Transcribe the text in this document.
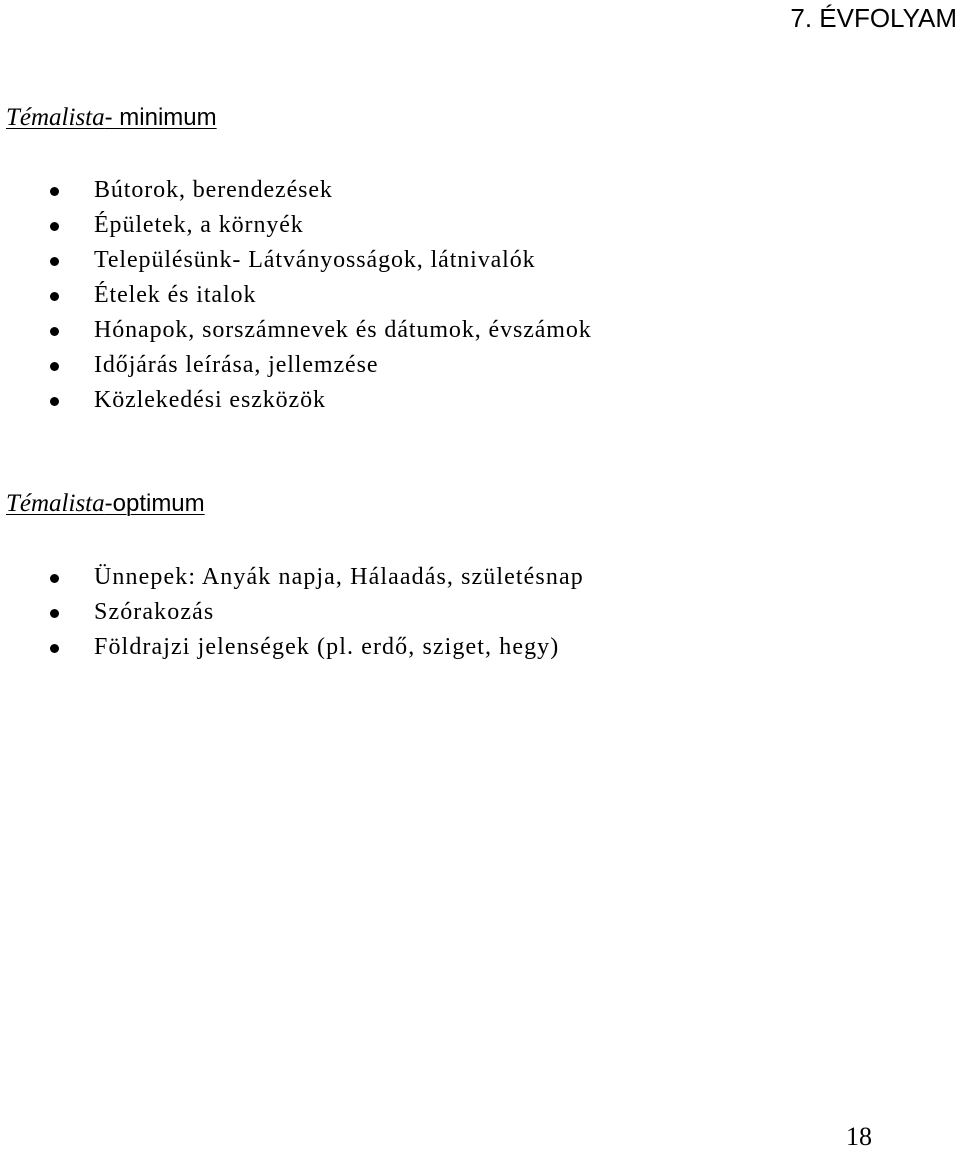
7. ÉVFOLYAM
Témalista- minimum
Bútorok, berendezések
Épületek, a környék
Településünk- Látványosságok, látnivalók
Ételek és italok
Hónapok, sorszámnevek és dátumok, évszámok
Időjárás leírása, jellemzése
Közlekedési eszközök
Témalista-optimum
Ünnepek: Anyák napja, Hálaadás, születésnap
Szórakozás
Földrajzi jelenségek (pl. erdő, sziget, hegy)
18
